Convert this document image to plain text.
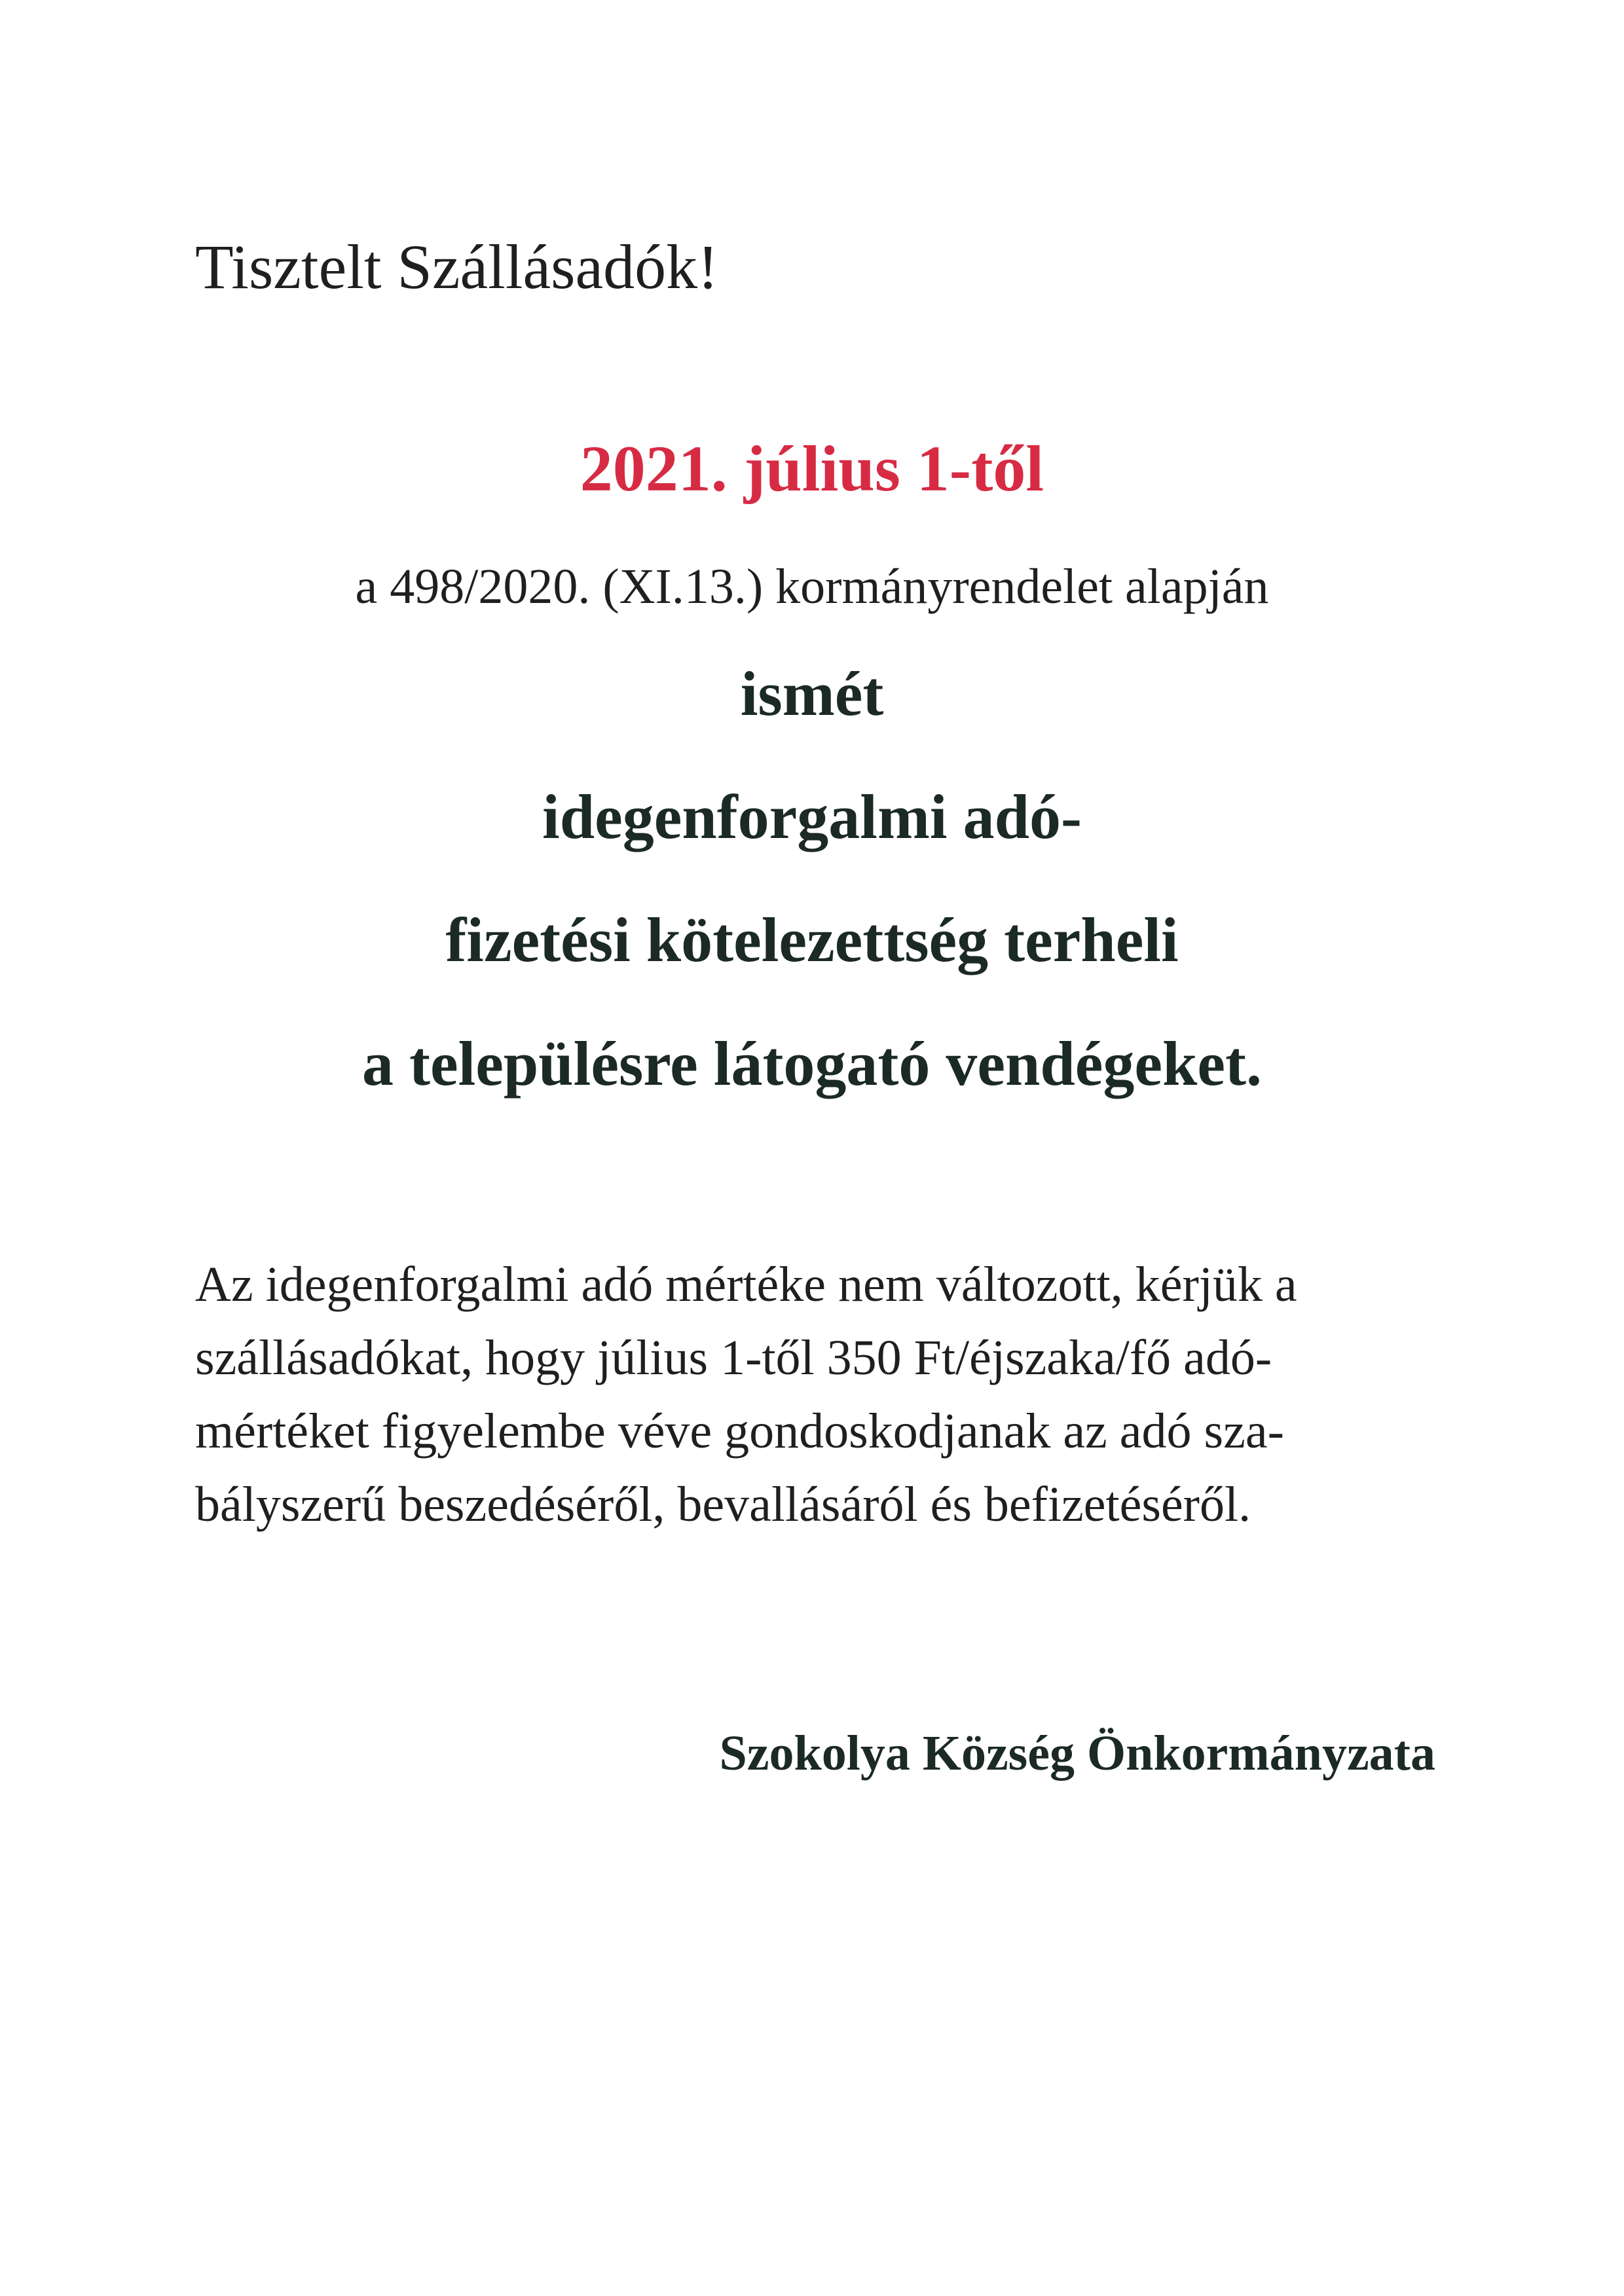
Tisztelt Szállásadók!
2021. július 1-től
a 498/2020. (XI.13.) kormányrendelet alapján
ismét
idegenforgalmi adó-
fizetési kötelezettség terheli
a településre látogató vendégeket.
Az idegenforgalmi adó mértéke nem változott, kérjük a
szállásadókat, hogy július 1-től 350 Ft/éjszaka/fő adó-
mértéket figyelembe véve gondoskodjanak az adó sza-
bályszerű beszedéséről, bevallásáról és befizetéséről.
Szokolya Község Önkormányzata
